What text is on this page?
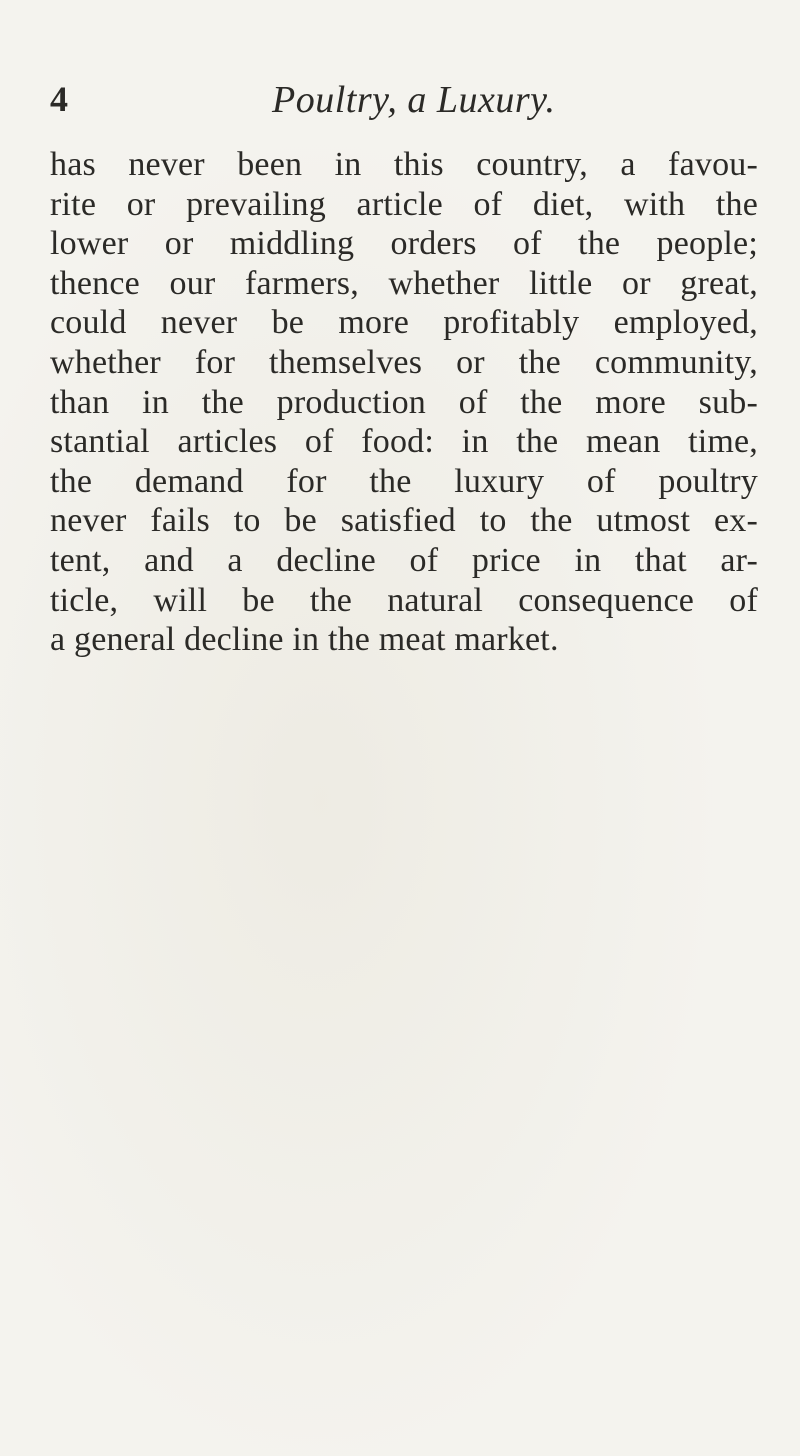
4	Poultry, a Luxury.
has never been in this country, a favou-
rite or prevailing article of diet, with the
lower or middling orders of the people;
thence our farmers, whether little or great,
could never be more profitably employed,
whether for themselves or the community,
than in the production of the more sub-
stantial articles of food: in the mean time,
the demand for the luxury of poultry
never fails to be satisfied to the utmost ex-
tent, and a decline of price in that ar-
ticle, will be the natural consequence of
a general decline in the meat market.
